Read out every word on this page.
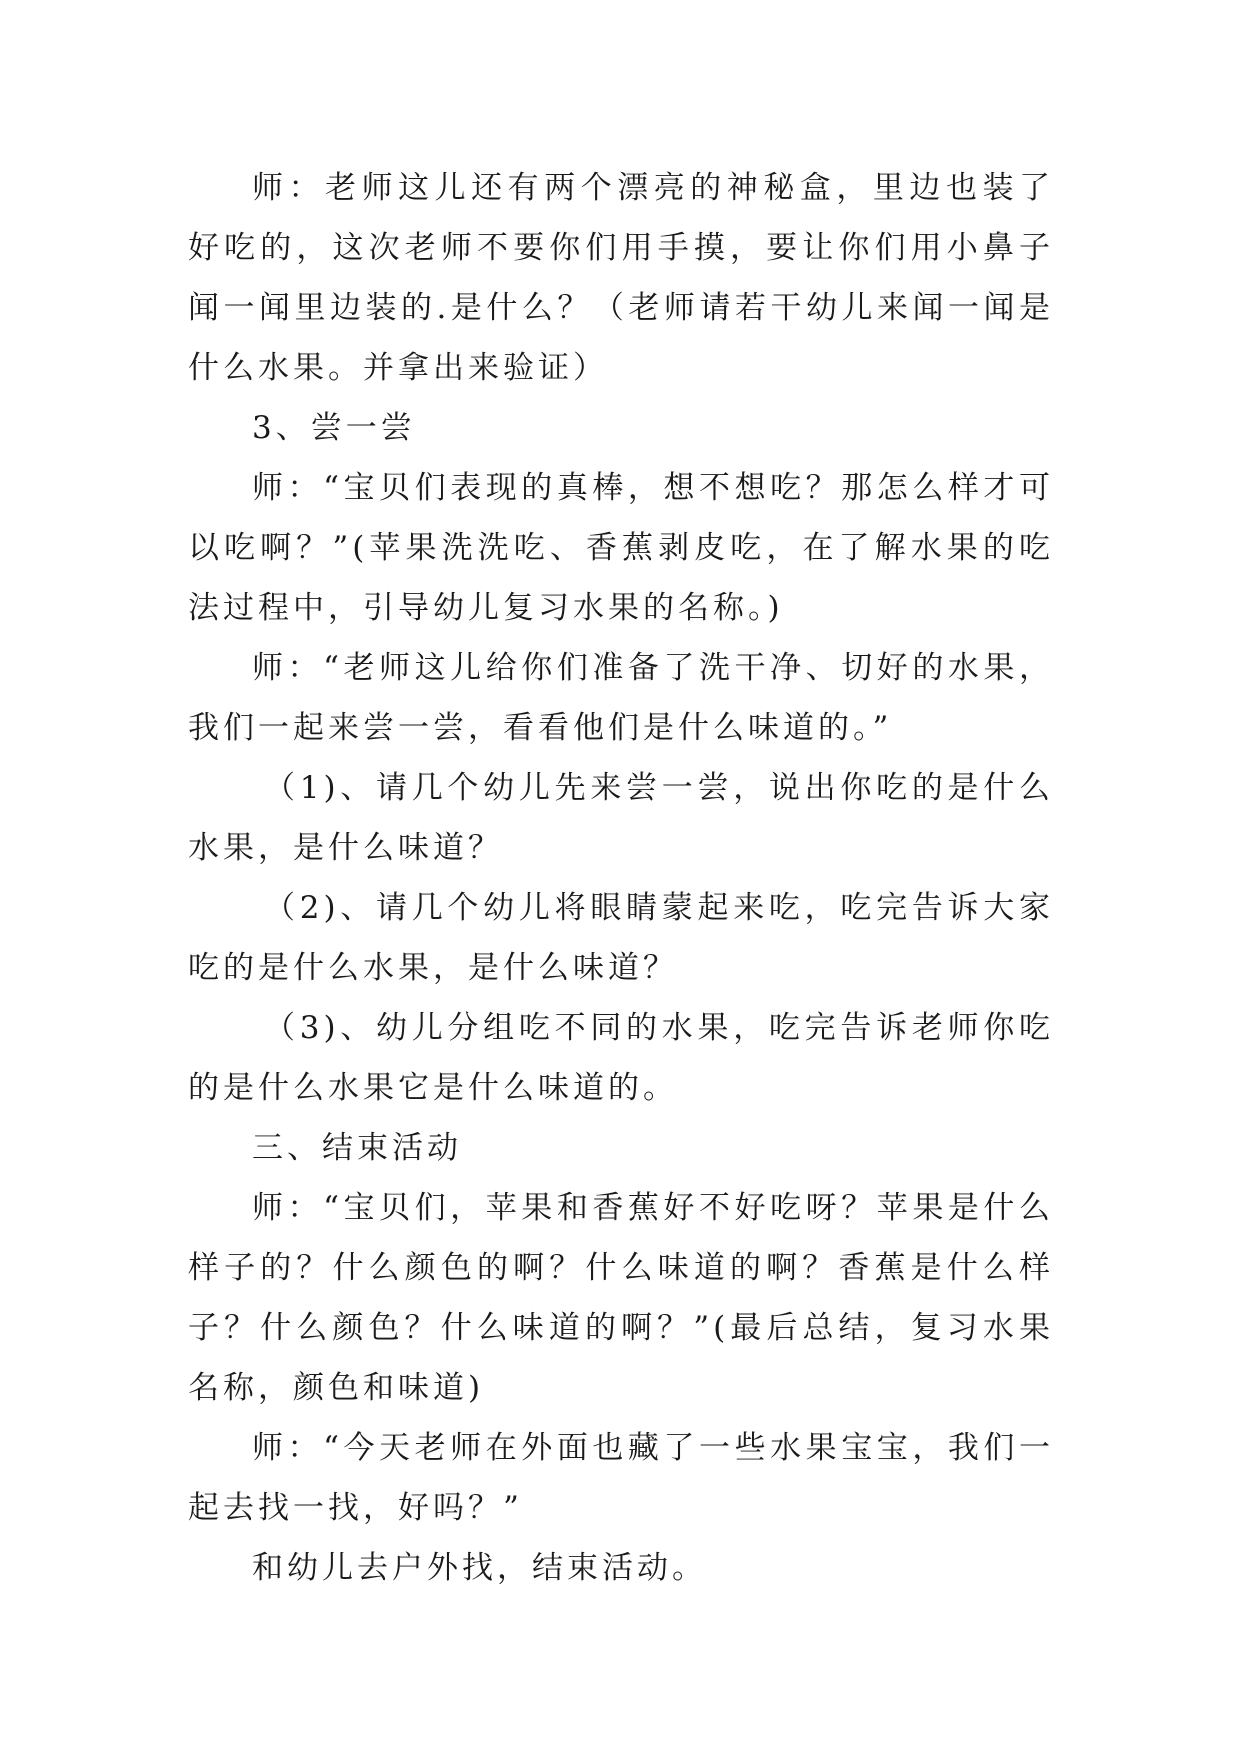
师：老师这儿还有两个漂亮的神秘盒，里边也装了好吃的，这次老师不要你们用手摸，要让你们用小鼻子闻一闻里边装的.是什么？（老师请若干幼儿来闻一闻是什么水果。并拿出来验证）

3、尝一尝

师：“宝贝们表现的真棒，想不想吃？那怎么样才可以吃啊？”(苹果洗洗吃、香蕉剥皮吃，在了解水果的吃法过程中，引导幼儿复习水果的名称。)

师：“老师这儿给你们准备了洗干净、切好的水果，我们一起来尝一尝，看看他们是什么味道的。”

（1)、请几个幼儿先来尝一尝，说出你吃的是什么水果，是什么味道？

（2)、请几个幼儿将眼睛蒙起来吃，吃完告诉大家吃的是什么水果，是什么味道？

（3)、幼儿分组吃不同的水果，吃完告诉老师你吃的是什么水果它是什么味道的。

三、结束活动

师：“宝贝们，苹果和香蕉好不好吃呀？苹果是什么样子的？什么颜色的啊？什么味道的啊？香蕉是什么样子？什么颜色？什么味道的啊？”(最后总结，复习水果名称，颜色和味道)

师：“今天老师在外面也藏了一些水果宝宝，我们一起去找一找，好吗？”

和幼儿去户外找，结束活动。
